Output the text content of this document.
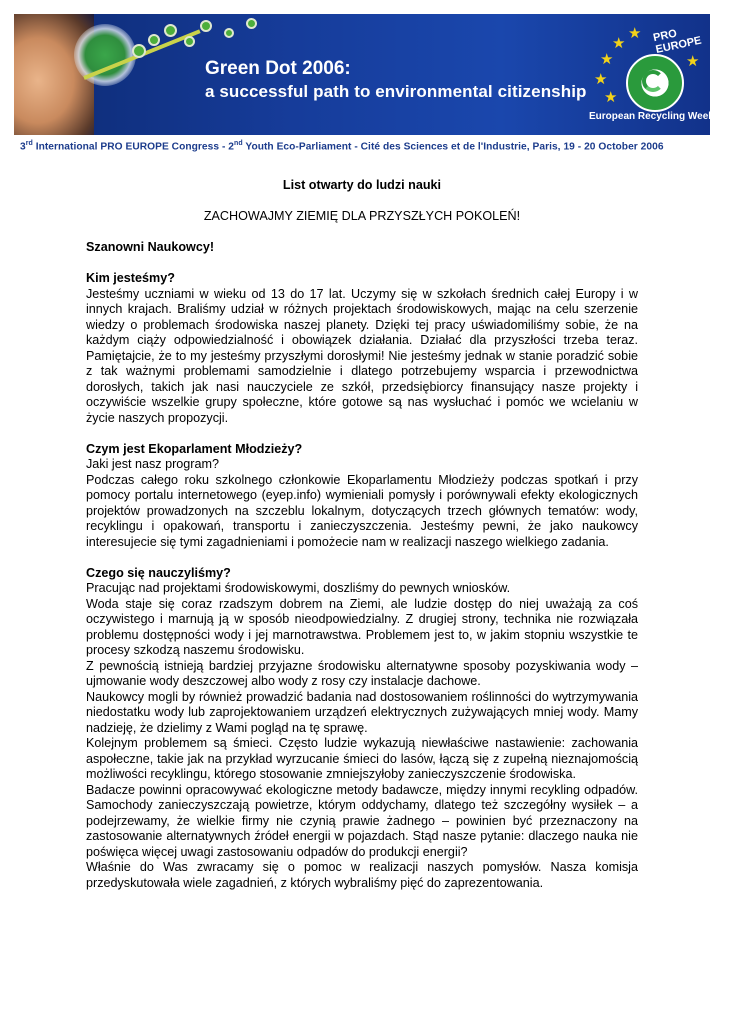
Green Dot 2006:
a successful path to environmental citizenship
★
★
★
★
★
★
PRO EUROPE
European Recycling Week 2006
3rd International PRO EUROPE Congress - 2nd Youth Eco-Parliament - Cité des Sciences et de l'Industrie, Paris, 19 - 20 October 2006
List otwarty do ludzi nauki
ZACHOWAJMY ZIEMIĘ DLA PRZYSZŁYCH POKOLEŃ!
Szanowni Naukowcy!
Kim jesteśmy?

Jesteśmy uczniami w wieku od 13 do 17 lat. Uczymy się w szkołach średnich całej Europy i w innych krajach. Braliśmy udział w różnych projektach środowiskowych, mając na celu szerzenie wiedzy o problemach środowiska naszej planety. Dzięki tej pracy uświadomiliśmy sobie, że na każdym ciąży odpowiedzialność i obowiązek działania. Działać dla przyszłości trzeba teraz. Pamiętajcie, że to my jesteśmy przyszłymi dorosłymi! Nie jesteśmy jednak w stanie poradzić sobie z tak ważnymi problemami samodzielnie i dlatego potrzebujemy wsparcia i przewodnictwa dorosłych, takich jak nasi nauczyciele ze szkół, przedsiębiorcy finansujący nasze projekty i oczywiście wszelkie grupy społeczne, które gotowe są nas wysłuchać i pomóc we wcielaniu w życie naszych propozycji.

Czym jest Ekoparlament Młodzieży?
Jaki jest nasz program?

Podczas całego roku szkolnego członkowie Ekoparlamentu Młodzieży podczas spotkań i przy pomocy portalu internetowego (eyep.info) wymieniali pomysły i porównywali efekty ekologicznych projektów prowadzonych na szczeblu lokalnym, dotyczących trzech głównych tematów: wody, recyklingu i opakowań, transportu i zanieczyszczenia. Jesteśmy pewni, że jako naukowcy interesujecie się tymi zagadnieniami i pomożecie nam w realizacji naszego wielkiego zadania.

Czego się nauczyliśmy?
Pracując nad projektami środowiskowymi, doszliśmy do pewnych wniosków.

Woda staje się coraz rzadszym dobrem na Ziemi, ale ludzie dostęp do niej uważają za coś oczywistego i marnują ją w sposób nieodpowiedzialny. Z drugiej strony, technika nie rozwiązała problemu dostępności wody i jej marnotrawstwa. Problemem jest to, w jakim stopniu wszystkie te procesy szkodzą naszemu środowisku.

Z pewnością istnieją bardziej przyjazne środowisku alternatywne sposoby pozyskiwania wody – ujmowanie wody deszczowej albo wody z rosy czy instalacje dachowe.

Naukowcy mogli by również prowadzić badania nad dostosowaniem roślinności do wytrzymywania niedostatku wody lub zaprojektowaniem urządzeń elektrycznych zużywających mniej wody. Mamy nadzieję, że dzielimy z Wami pogląd na tę sprawę.

Kolejnym problemem są śmieci. Często ludzie wykazują niewłaściwe nastawienie: zachowania aspołeczne, takie jak na przykład wyrzucanie śmieci do lasów, łączą się z zupełną nieznajomością możliwości recyklingu, którego stosowanie zmniejszyłoby zanieczyszczenie środowiska.

Badacze powinni opracowywać ekologiczne metody badawcze, między innymi recykling odpadów. Samochody zanieczyszczają powietrze, którym oddychamy, dlatego też szczegółny wysiłek – a podejrzewamy, że wielkie firmy nie czynią prawie żadnego – powinien być przeznaczony na zastosowanie alternatywnych źródeł energii w pojazdach. Stąd nasze pytanie: dlaczego nauka nie poświęca więcej uwagi zastosowaniu odpadów do produkcji energii?

Właśnie do Was zwracamy się o pomoc w realizacji naszych pomysłów. Nasza komisja przedyskutowała wiele zagadnień, z których wybraliśmy pięć do zaprezentowania.
